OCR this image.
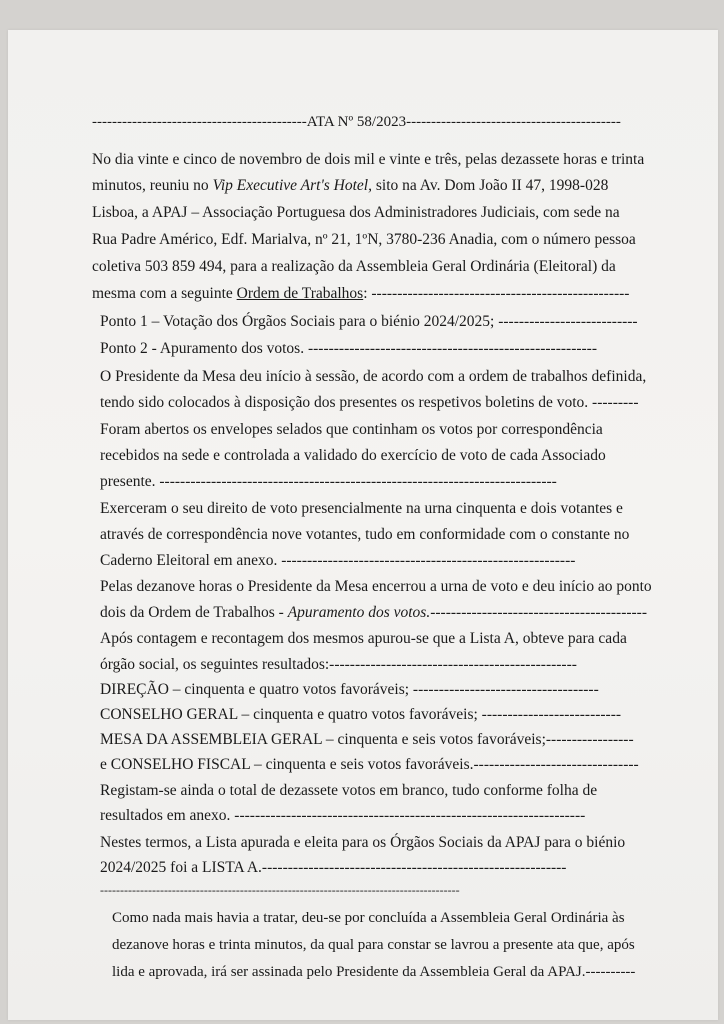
-------------------------------------------ATA Nº 58/2023-------------------------------------------
No dia vinte e cinco de novembro de dois mil e vinte e três, pelas dezassete horas e trinta
minutos, reuniu no Vip Executive Art's Hotel, sito na Av. Dom João II 47, 1998-028
Lisboa, a APAJ – Associação Portuguesa dos Administradores Judiciais, com sede na
Rua Padre Américo, Edf. Marialva, nº 21, 1ºN, 3780-236 Anadia, com o número pessoa
coletiva 503 859 494, para a realização da Assembleia Geral Ordinária (Eleitoral) da
mesma com a seguinte Ordem de Trabalhos: --------------------------------------------------
Ponto 1 – Votação dos Órgãos Sociais para o biénio 2024/2025; ---------------------------
Ponto 2 - Apuramento dos votos. --------------------------------------------------------
O Presidente da Mesa deu início à sessão, de acordo com a ordem de trabalhos definida,
tendo sido colocados à disposição dos presentes os respetivos boletins de voto. ---------
Foram abertos os envelopes selados que continham os votos por correspondência
recebidos na sede e controlada a validado do exercício de voto de cada Associado
presente. -----------------------------------------------------------------------------
Exerceram o seu direito de voto presencialmente na urna cinquenta e dois votantes e
através de correspondência nove votantes, tudo em conformidade com o constante no
Caderno Eleitoral em anexo. ---------------------------------------------------------
Pelas dezanove horas o Presidente da Mesa encerrou a urna de voto e deu início ao ponto
dois da Ordem de Trabalhos - Apuramento dos votos.------------------------------------------
Após contagem e recontagem dos mesmos apurou-se que a Lista A, obteve para cada
órgão social, os seguintes resultados:------------------------------------------------
DIREÇÃO – cinquenta e quatro votos favoráveis; ------------------------------------
CONSELHO GERAL – cinquenta e quatro votos favoráveis; ---------------------------
MESA DA ASSEMBLEIA GERAL – cinquenta e seis votos favoráveis;-----------------
e CONSELHO FISCAL – cinquenta e seis votos favoráveis.--------------------------------
Registam-se ainda o total de dezassete votos em branco, tudo conforme folha de
resultados em anexo. --------------------------------------------------------------------
Nestes termos, a Lista apurada e eleita para os Órgãos Sociais da APAJ para o biénio
2024/2025 foi a LISTA A.-----------------------------------------------------------
------------------------------------------------------------------------------------------
Como nada mais havia a tratar, deu-se por concluída a Assembleia Geral Ordinária às
dezanove horas e trinta minutos, da qual para constar se lavrou a presente ata que, após
lida e aprovada, irá ser assinada pelo Presidente da Assembleia Geral da APAJ.----------
